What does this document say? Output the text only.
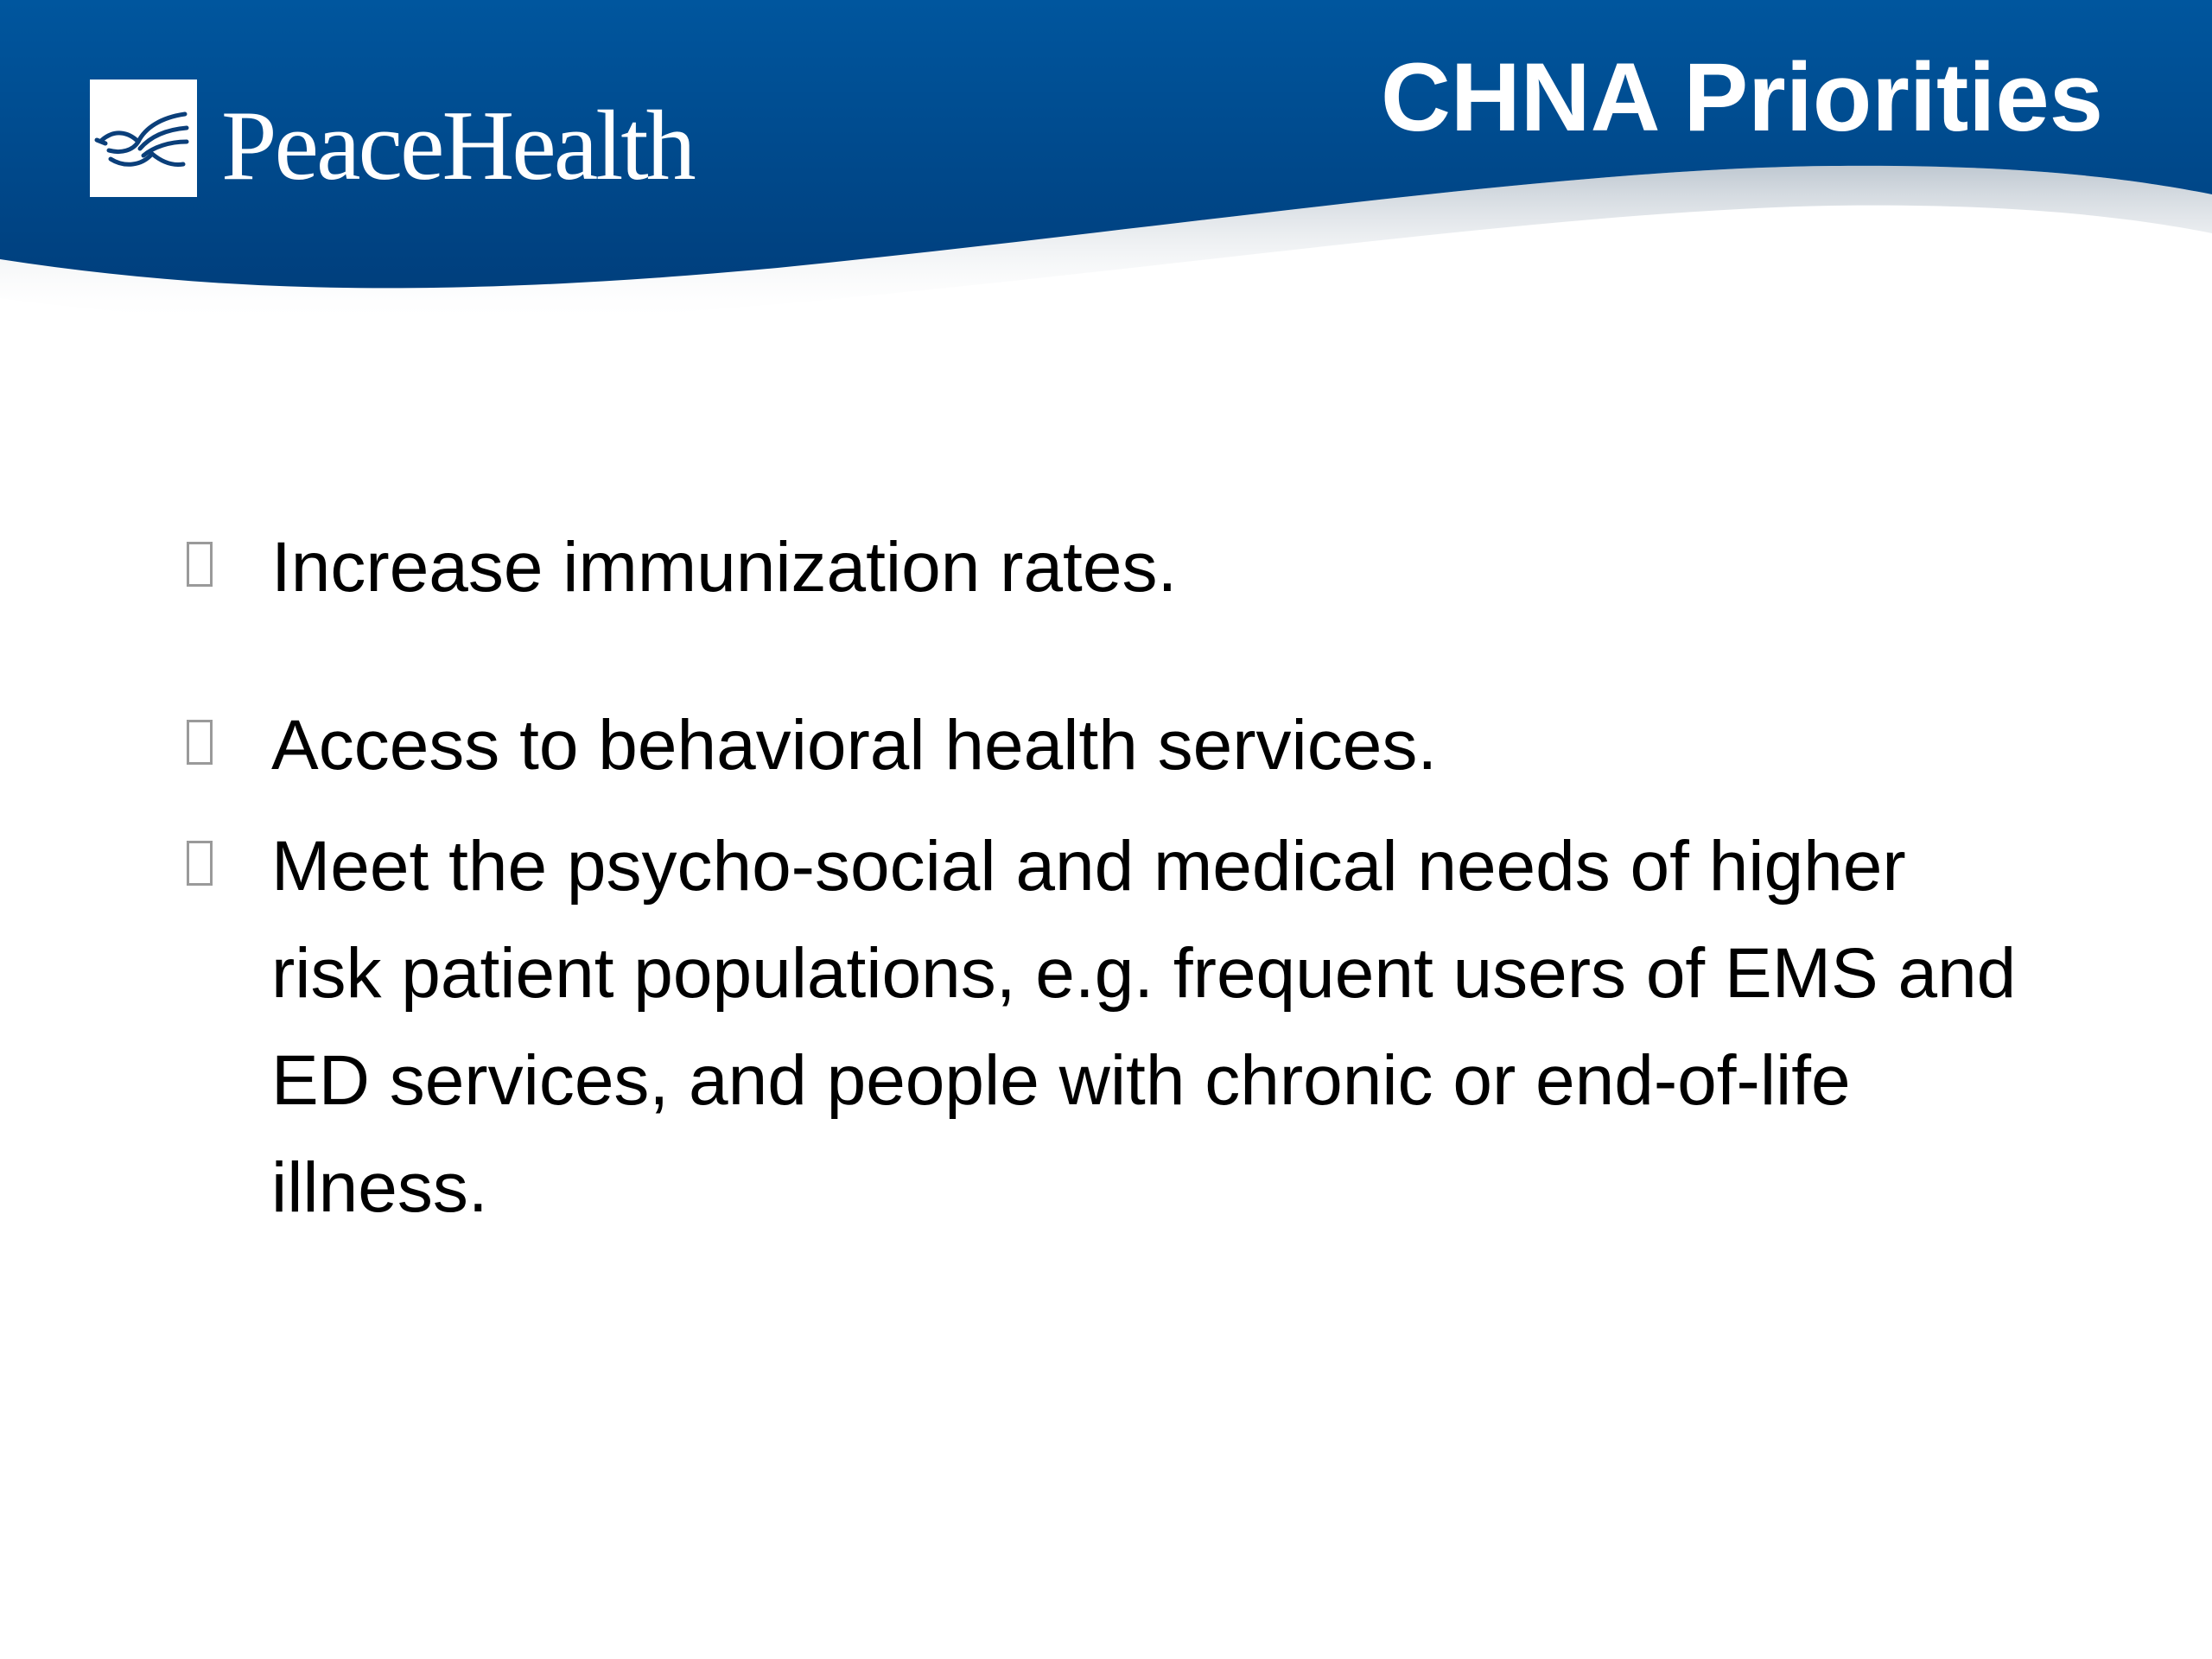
PeaceHealth	CHNA Priorities
Increase immunization rates.
Access to behavioral health services.
Meet the psycho-social and medical needs of higher risk patient populations, e.g. frequent users of EMS and ED services, and people with chronic or end-of-life illness.
